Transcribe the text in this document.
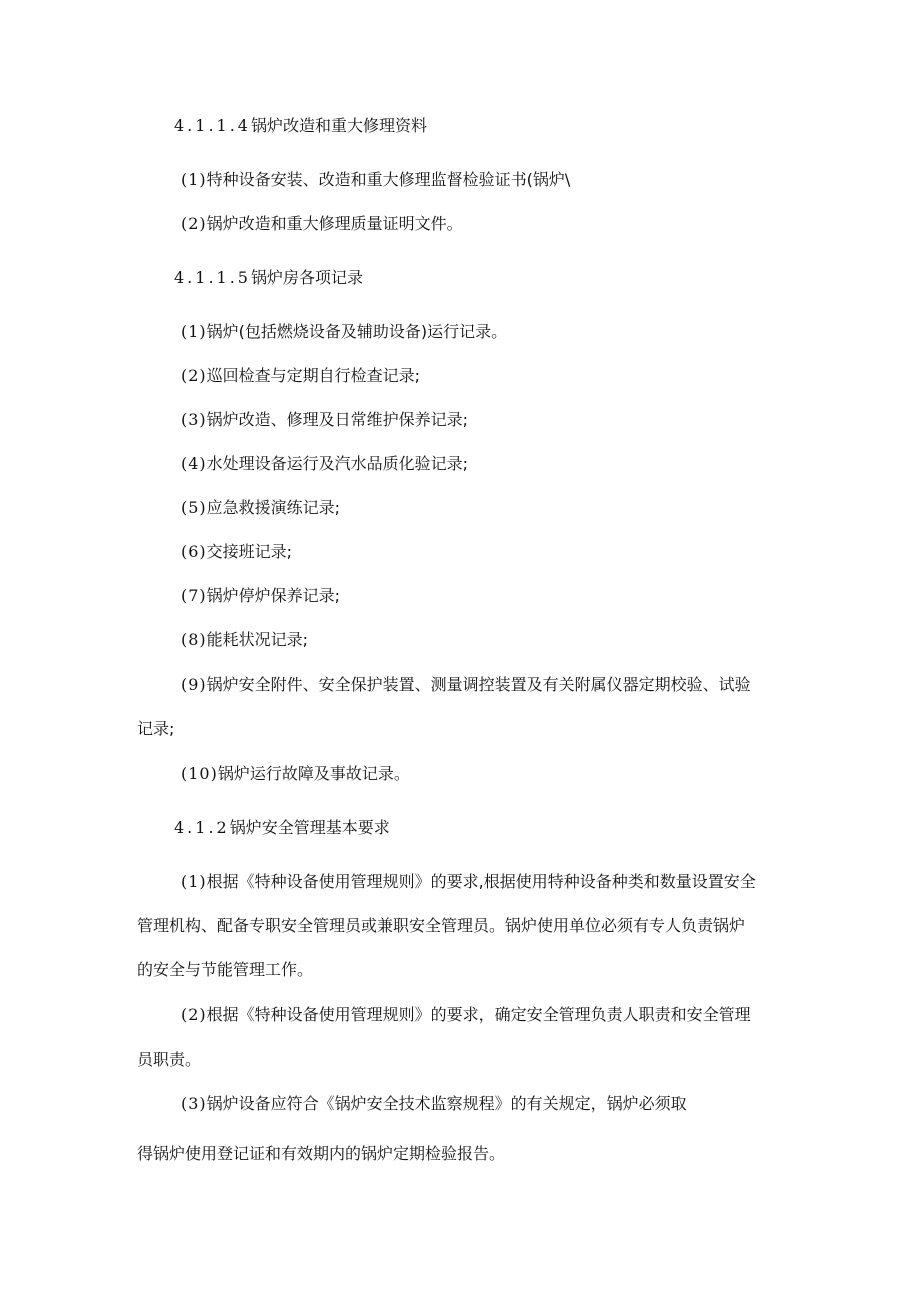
4.1.1.4锅炉改造和重大修理资料
(1)特种设备安装、改造和重大修理监督检验证书(锅炉\
(2)锅炉改造和重大修理质量证明文件。
4.1.1.5锅炉房各项记录
(1)锅炉(包括燃烧设备及辅助设备)运行记录。
(2)巡回检查与定期自行检查记录;
(3)锅炉改造、修理及日常维护保养记录;
(4)水处理设备运行及汽水品质化验记录;
(5)应急救援演练记录;
(6)交接班记录;
(7)锅炉停炉保养记录;
(8)能耗状况记录;
(9)锅炉安全附件、安全保护装置、测量调控装置及有关附属仪器定期校验、试验
记录;
(10)锅炉运行故障及事故记录。
4.1.2锅炉安全管理基本要求
(1)根据《特种设备使用管理规则》的要求,根据使用特种设备种类和数量设置安全
管理机构、配备专职安全管理员或兼职安全管理员。锅炉使用单位必须有专人负责锅炉
的安全与节能管理工作。
(2)根据《特种设备使用管理规则》的要求，确定安全管理负责人职责和安全管理
员职责。
(3)锅炉设备应符合《锅炉安全技术监察规程》的有关规定，锅炉必须取
得锅炉使用登记证和有效期内的锅炉定期检验报告。
